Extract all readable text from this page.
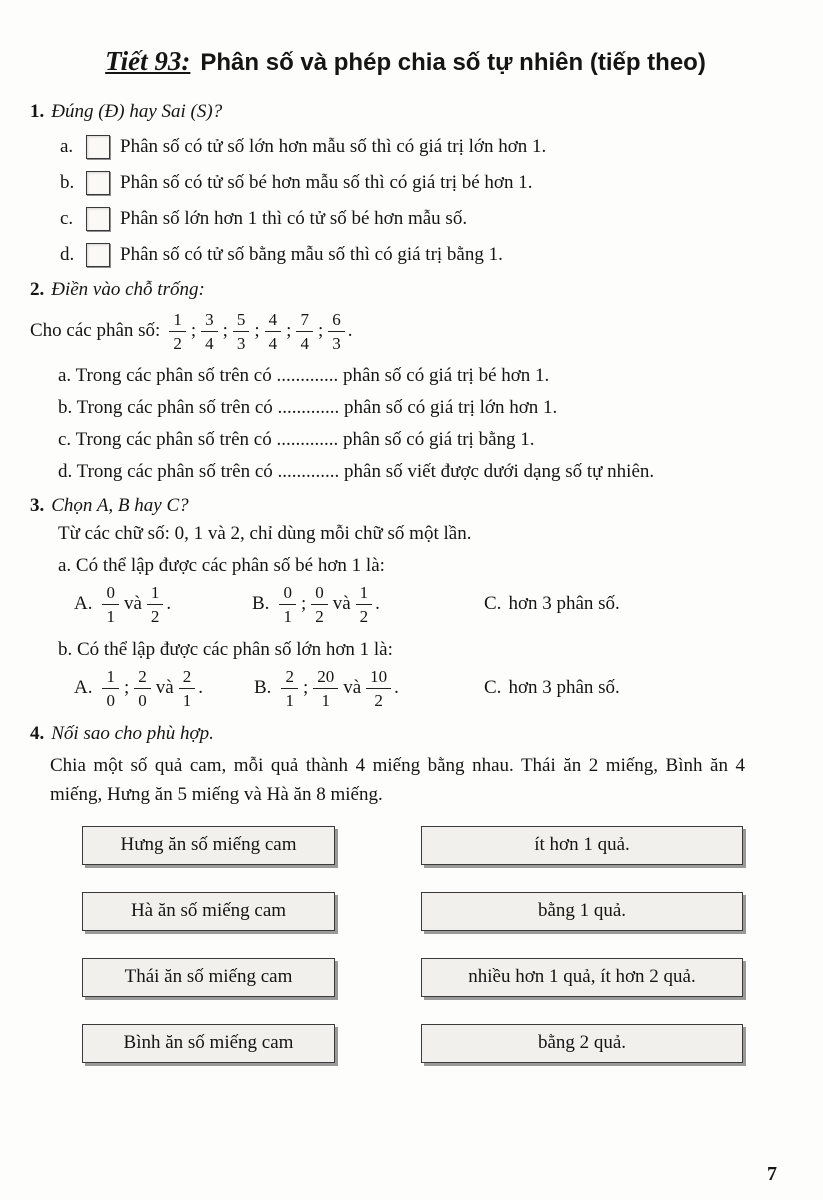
Tiết 93: Phân số và phép chia số tự nhiên (tiếp theo)
1. Đúng (Đ) hay Sai (S)?
a.	Phân số có tử số lớn hơn mẫu số thì có giá trị lớn hơn 1.
b.	Phân số có tử số bé hơn mẫu số thì có giá trị bé hơn 1.
c.	Phân số lớn hơn 1 thì có tử số bé hơn mẫu số.
d.	Phân số có tử số bằng mẫu số thì có giá trị bằng 1.
2. Điền vào chỗ trống:
Cho các phân số: $\frac{1}{2}$ ; $\frac{3}{4}$ ; $\frac{5}{3}$ ; $\frac{4}{4}$ ; $\frac{7}{4}$ ; $\frac{6}{3}$ .
a. Trong các phân số trên có ............. phân số có giá trị bé hơn 1.
b. Trong các phân số trên có ............. phân số có giá trị lớn hơn 1.
c. Trong các phân số trên có ............. phân số có giá trị bằng 1.
d. Trong các phân số trên có ............. phân số viết được dưới dạng số tự nhiên.
3. Chọn A, B hay C?
Từ các chữ số: 0, 1 và 2, chỉ dùng mỗi chữ số một lần.
a. Có thể lập được các phân số bé hơn 1 là:
A. $\frac{0}{1}$ và $\frac{1}{2}$ .	B. $\frac{0}{1}$ ; $\frac{0}{2}$ và $\frac{1}{2}$ .	C. hơn 3 phân số.
b. Có thể lập được các phân số lớn hơn 1 là:
A. $\frac{1}{0}$ ; $\frac{2}{0}$ và $\frac{2}{1}$ .	B. $\frac{2}{1}$ ; $\frac{20}{1}$ và $\frac{10}{2}$ .	C. hơn 3 phân số.
4. Nối sao cho phù hợp.
Chia một số quả cam, mỗi quả thành 4 miếng bằng nhau. Thái ăn 2 miếng, Bình ăn 4 miếng, Hưng ăn 5 miếng và Hà ăn 8 miếng.
Hưng ăn số miếng cam	ít hơn 1 quả.
Hà ăn số miếng cam	bằng 1 quả.
Thái ăn số miếng cam	nhiều hơn 1 quả, ít hơn 2 quả.
Bình ăn số miếng cam	bằng 2 quả.
7
